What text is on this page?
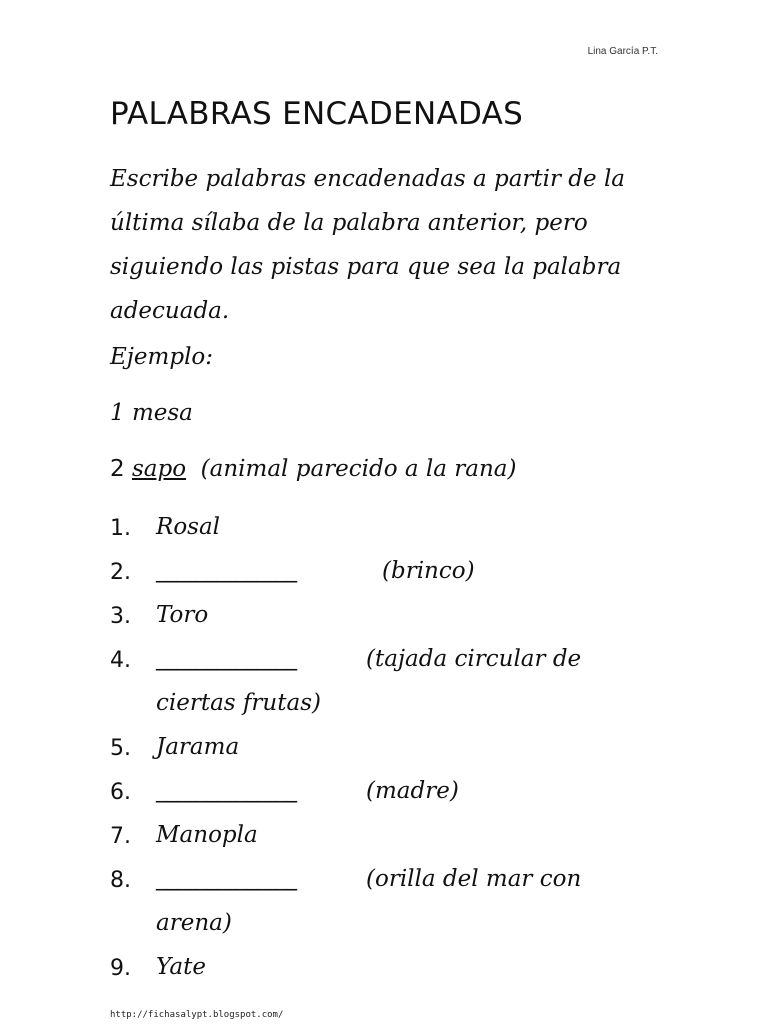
Lina García P.T.
PALABRAS ENCADENADAS

Escribe palabras encadenadas a partir de la última sílaba de la palabra anterior, pero siguiendo las pistas para que sea la palabra adecuada.

Ejemplo:
1 mesa
2 sapo (animal parecido a la rana)
1. Rosal
2. ______________	(brinco)
3. Toro
4. ______________	(tajada circular de
ciertas frutas)
5. Jarama
6. ______________	(madre)
7. Manopla
8. ______________	(orilla del mar con
arena)
9. Yate
http://fichasalypt.blogspot.com/
